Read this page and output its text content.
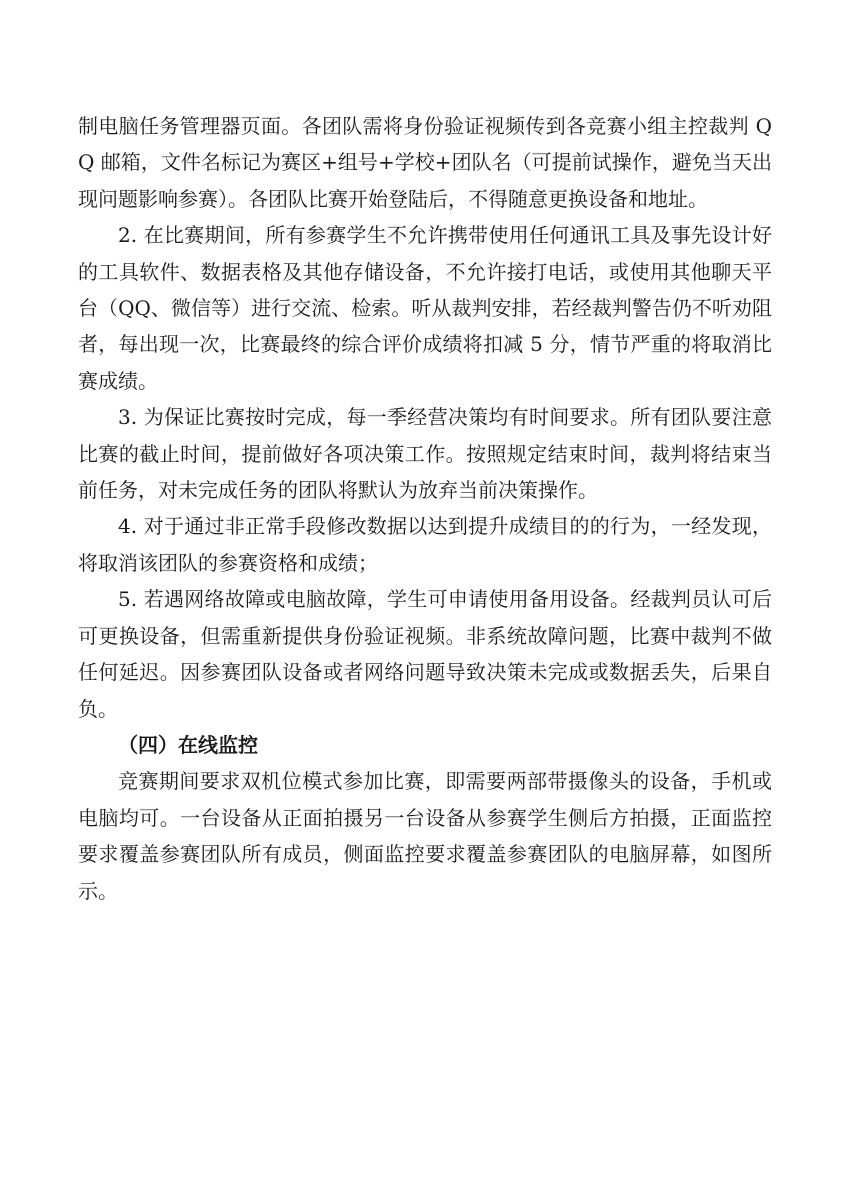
制电脑任务管理器页面。各团队需将身份验证视频传到各竞赛小组主控裁判 QQ 邮箱，文件名标记为赛区+组号+学校+团队名（可提前试操作，避免当天出现问题影响参赛）。各团队比赛开始登陆后，不得随意更换设备和地址。

2. 在比赛期间，所有参赛学生不允许携带使用任何通讯工具及事先设计好的工具软件、数据表格及其他存储设备，不允许接打电话，或使用其他聊天平台（QQ、微信等）进行交流、检索。听从裁判安排，若经裁判警告仍不听劝阻者，每出现一次，比赛最终的综合评价成绩将扣减 5 分，情节严重的将取消比赛成绩。

3. 为保证比赛按时完成，每一季经营决策均有时间要求。所有团队要注意比赛的截止时间，提前做好各项决策工作。按照规定结束时间，裁判将结束当前任务，对未完成任务的团队将默认为放弃当前决策操作。

4. 对于通过非正常手段修改数据以达到提升成绩目的的行为，一经发现，将取消该团队的参赛资格和成绩；

5. 若遇网络故障或电脑故障，学生可申请使用备用设备。经裁判员认可后可更换设备，但需重新提供身份验证视频。非系统故障问题，比赛中裁判不做任何延迟。因参赛团队设备或者网络问题导致决策未完成或数据丢失，后果自负。

（四）在线监控

竞赛期间要求双机位模式参加比赛，即需要两部带摄像头的设备，手机或电脑均可。一台设备从正面拍摄另一台设备从参赛学生侧后方拍摄，正面监控要求覆盖参赛团队所有成员，侧面监控要求覆盖参赛团队的电脑屏幕，如图所示。
